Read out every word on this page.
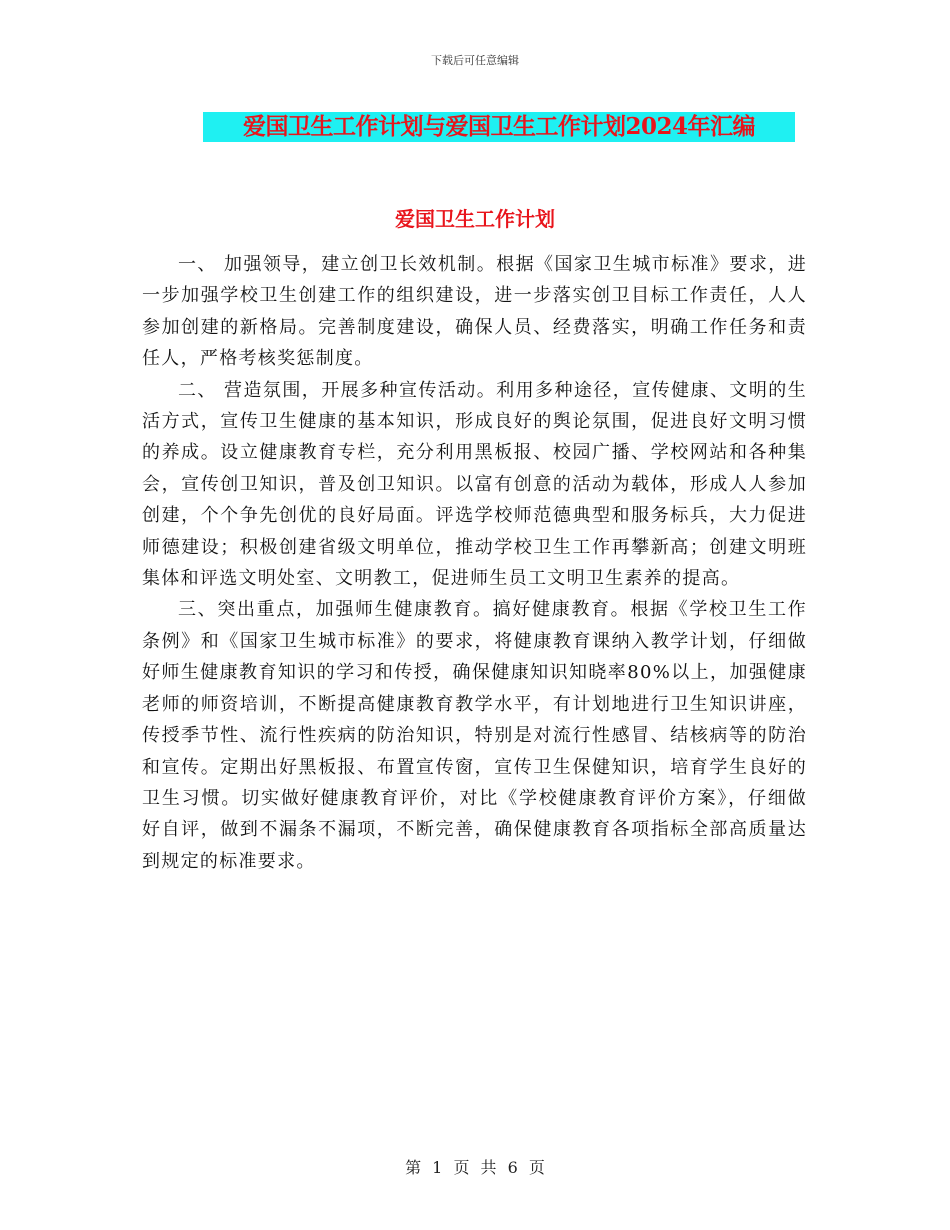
下载后可任意编辑
爱国卫生工作计划与爱国卫生工作计划2024年汇编
爱国卫生工作计划

一、 加强领导，建立创卫长效机制。根据《国家卫生城市标准》要求，进一步加强学校卫生创建工作的组织建设，进一步落实创卫目标工作责任，人人参加创建的新格局。完善制度建设，确保人员、经费落实，明确工作任务和责任人，严格考核奖惩制度。

二、 营造氛围，开展多种宣传活动。利用多种途径，宣传健康、文明的生活方式，宣传卫生健康的基本知识，形成良好的舆论氛围，促进良好文明习惯的养成。设立健康教育专栏，充分利用黑板报、校园广播、学校网站和各种集会，宣传创卫知识，普及创卫知识。以富有创意的活动为载体，形成人人参加创建，个个争先创优的良好局面。评选学校师范德典型和服务标兵，大力促进师德建设；积极创建省级文明单位，推动学校卫生工作再攀新高；创建文明班集体和评选文明处室、文明教工，促进师生员工文明卫生素养的提高。

三、突出重点，加强师生健康教育。搞好健康教育。根据《学校卫生工作条例》和《国家卫生城市标准》的要求，将健康教育课纳入教学计划，仔细做好师生健康教育知识的学习和传授，确保健康知识知晓率80%以上，加强健康老师的师资培训，不断提高健康教育教学水平，有计划地进行卫生知识讲座，传授季节性、流行性疾病的防治知识，特别是对流行性感冒、结核病等的防治和宣传。定期出好黑板报、布置宣传窗，宣传卫生保健知识，培育学生良好的卫生习惯。切实做好健康教育评价，对比《学校健康教育评价方案》，仔细做好自评，做到不漏条不漏项，不断完善，确保健康教育各项指标全部高质量达到规定的标准要求。

第 1 页 共 6 页
